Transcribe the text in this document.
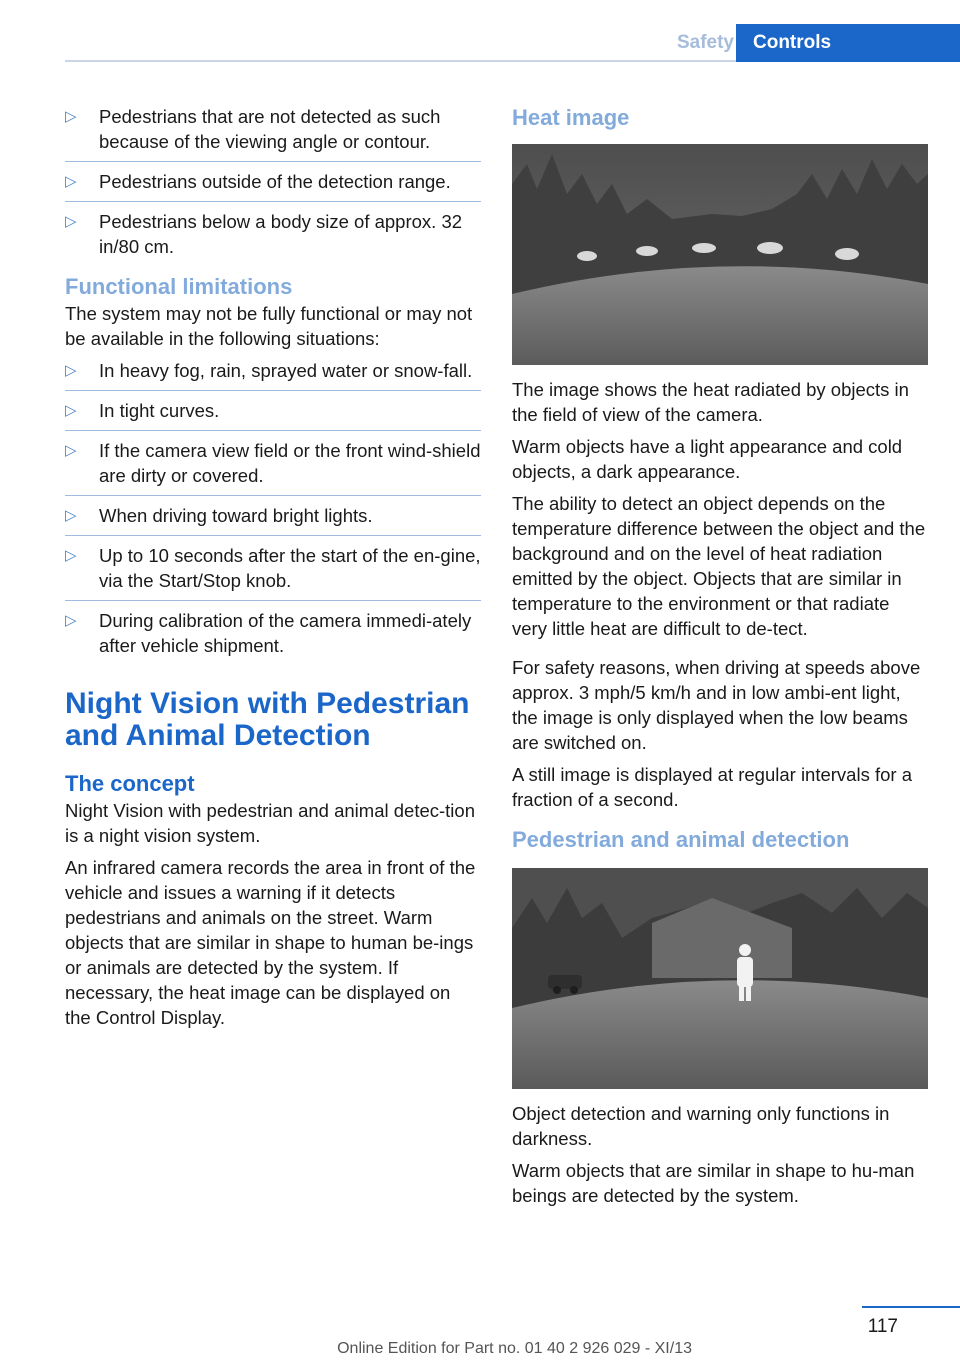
Safety	Controls
▷ Pedestrians that are not detected as such because of the viewing angle or contour.
▷ Pedestrians outside of the detection range.
▷ Pedestrians below a body size of approx. 32 in/80 cm.
Functional limitations

The system may not be fully functional or may not be available in the following situations:

▷ In heavy fog, rain, sprayed water or snow‐fall.
▷ In tight curves.
▷ If the camera view field or the front wind‐shield are dirty or covered.
▷ When driving toward bright lights.
▷ Up to 10 seconds after the start of the en‐gine, via the Start/Stop knob.
▷ During calibration of the camera immedi‐ately after vehicle shipment.
Night Vision with Pedestrian and Animal Detection
The concept

Night Vision with pedestrian and animal detec‐tion is a night vision system.

An infrared camera records the area in front of the vehicle and issues a warning if it detects pedestrians and animals on the street. Warm objects that are similar in shape to human be‐ings or animals are detected by the system. If necessary, the heat image can be displayed on the Control Display.

Heat image

The image shows the heat radiated by objects in the field of view of the camera.

Warm objects have a light appearance and cold objects, a dark appearance.

The ability to detect an object depends on the temperature difference between the object and the background and on the level of heat radiation emitted by the object. Objects that are similar in temperature to the environment or that radiate very little heat are difficult to de‐tect.

For safety reasons, when driving at speeds above approx. 3 mph/5 km/h and in low ambi‐ent light, the image is only displayed when the low beams are switched on.

A still image is displayed at regular intervals for a fraction of a second.

Pedestrian and animal detection

Object detection and warning only functions in darkness.

Warm objects that are similar in shape to hu‐man beings are detected by the system.

117
Online Edition for Part no. 01 40 2 926 029 - XI/13
